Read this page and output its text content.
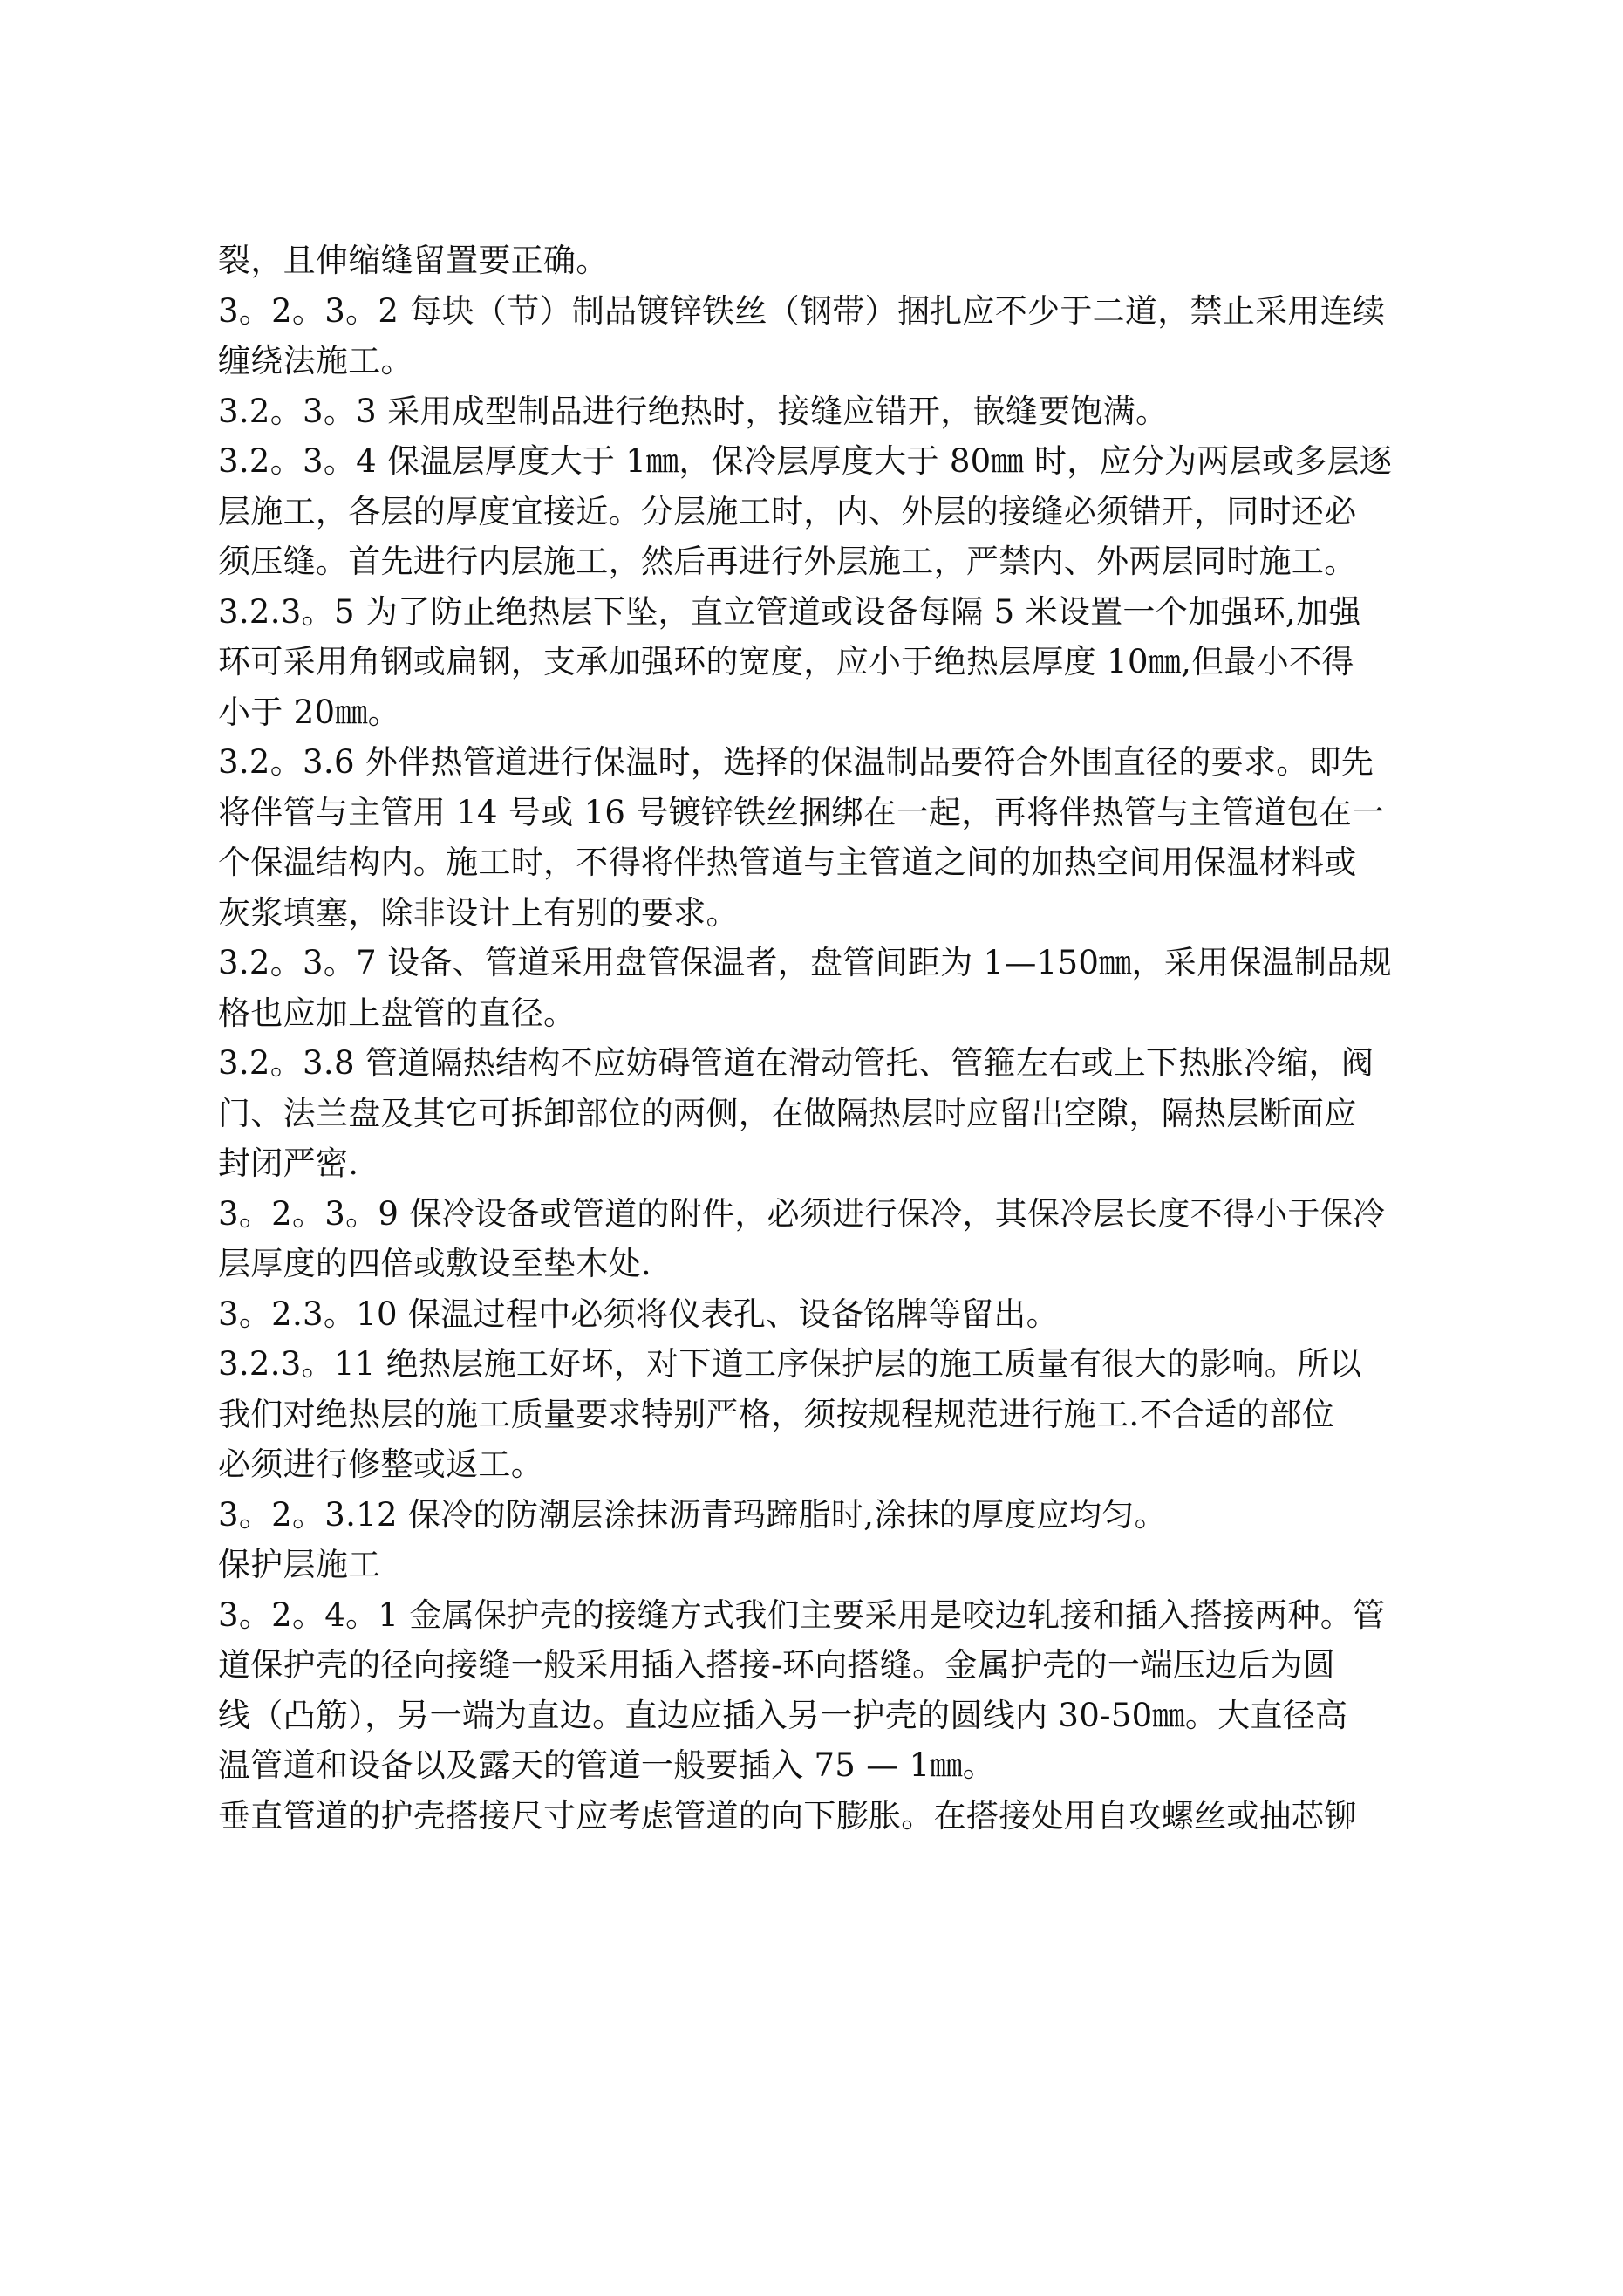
裂，且伸缩缝留置要正确。
3。2。3。2 每块（节）制品镀锌铁丝（钢带）捆扎应不少于二道，禁止采用连续
缠绕法施工。
3.2。3。3 采用成型制品进行绝热时，接缝应错开，嵌缝要饱满。
3.2。3。4 保温层厚度大于 1㎜，保冷层厚度大于 80㎜ 时，应分为两层或多层逐
层施工，各层的厚度宜接近。分层施工时，内、外层的接缝必须错开，同时还必
须压缝。首先进行内层施工，然后再进行外层施工，严禁内、外两层同时施工。
3.2.3。5 为了防止绝热层下坠，直立管道或设备每隔 5 米设置一个加强环,加强
环可采用角钢或扁钢，支承加强环的宽度，应小于绝热层厚度 10㎜,但最小不得
小于 20㎜。
3.2。3.6 外伴热管道进行保温时，选择的保温制品要符合外围直径的要求。即先
将伴管与主管用 14 号或 16 号镀锌铁丝捆绑在一起，再将伴热管与主管道包在一
个保温结构内。施工时，不得将伴热管道与主管道之间的加热空间用保温材料或
灰浆填塞，除非设计上有别的要求。
3.2。3。7 设备、管道采用盘管保温者，盘管间距为 1—150㎜，采用保温制品规
格也应加上盘管的直径。
3.2。3.8 管道隔热结构不应妨碍管道在滑动管托、管箍左右或上下热胀冷缩，阀
门、法兰盘及其它可拆卸部位的两侧，在做隔热层时应留出空隙，隔热层断面应
封闭严密.
3。2。3。9 保冷设备或管道的附件，必须进行保冷，其保冷层长度不得小于保冷
层厚度的四倍或敷设至垫木处.
3。2.3。10 保温过程中必须将仪表孔、设备铭牌等留出。
3.2.3。11 绝热层施工好坏，对下道工序保护层的施工质量有很大的影响。所以
我们对绝热层的施工质量要求特别严格，须按规程规范进行施工.不合适的部位
必须进行修整或返工。
3。2。3.12 保冷的防潮层涂抹沥青玛蹄脂时,涂抹的厚度应均匀。
保护层施工
3。2。4。1 金属保护壳的接缝方式我们主要采用是咬边轧接和插入搭接两种。管
道保护壳的径向接缝一般采用插入搭接-环向搭缝。金属护壳的一端压边后为圆
线（凸筋），另一端为直边。直边应插入另一护壳的圆线内 30-50㎜。大直径高
温管道和设备以及露天的管道一般要插入 75 — 1㎜。
垂直管道的护壳搭接尺寸应考虑管道的向下膨胀。在搭接处用自攻螺丝或抽芯铆
